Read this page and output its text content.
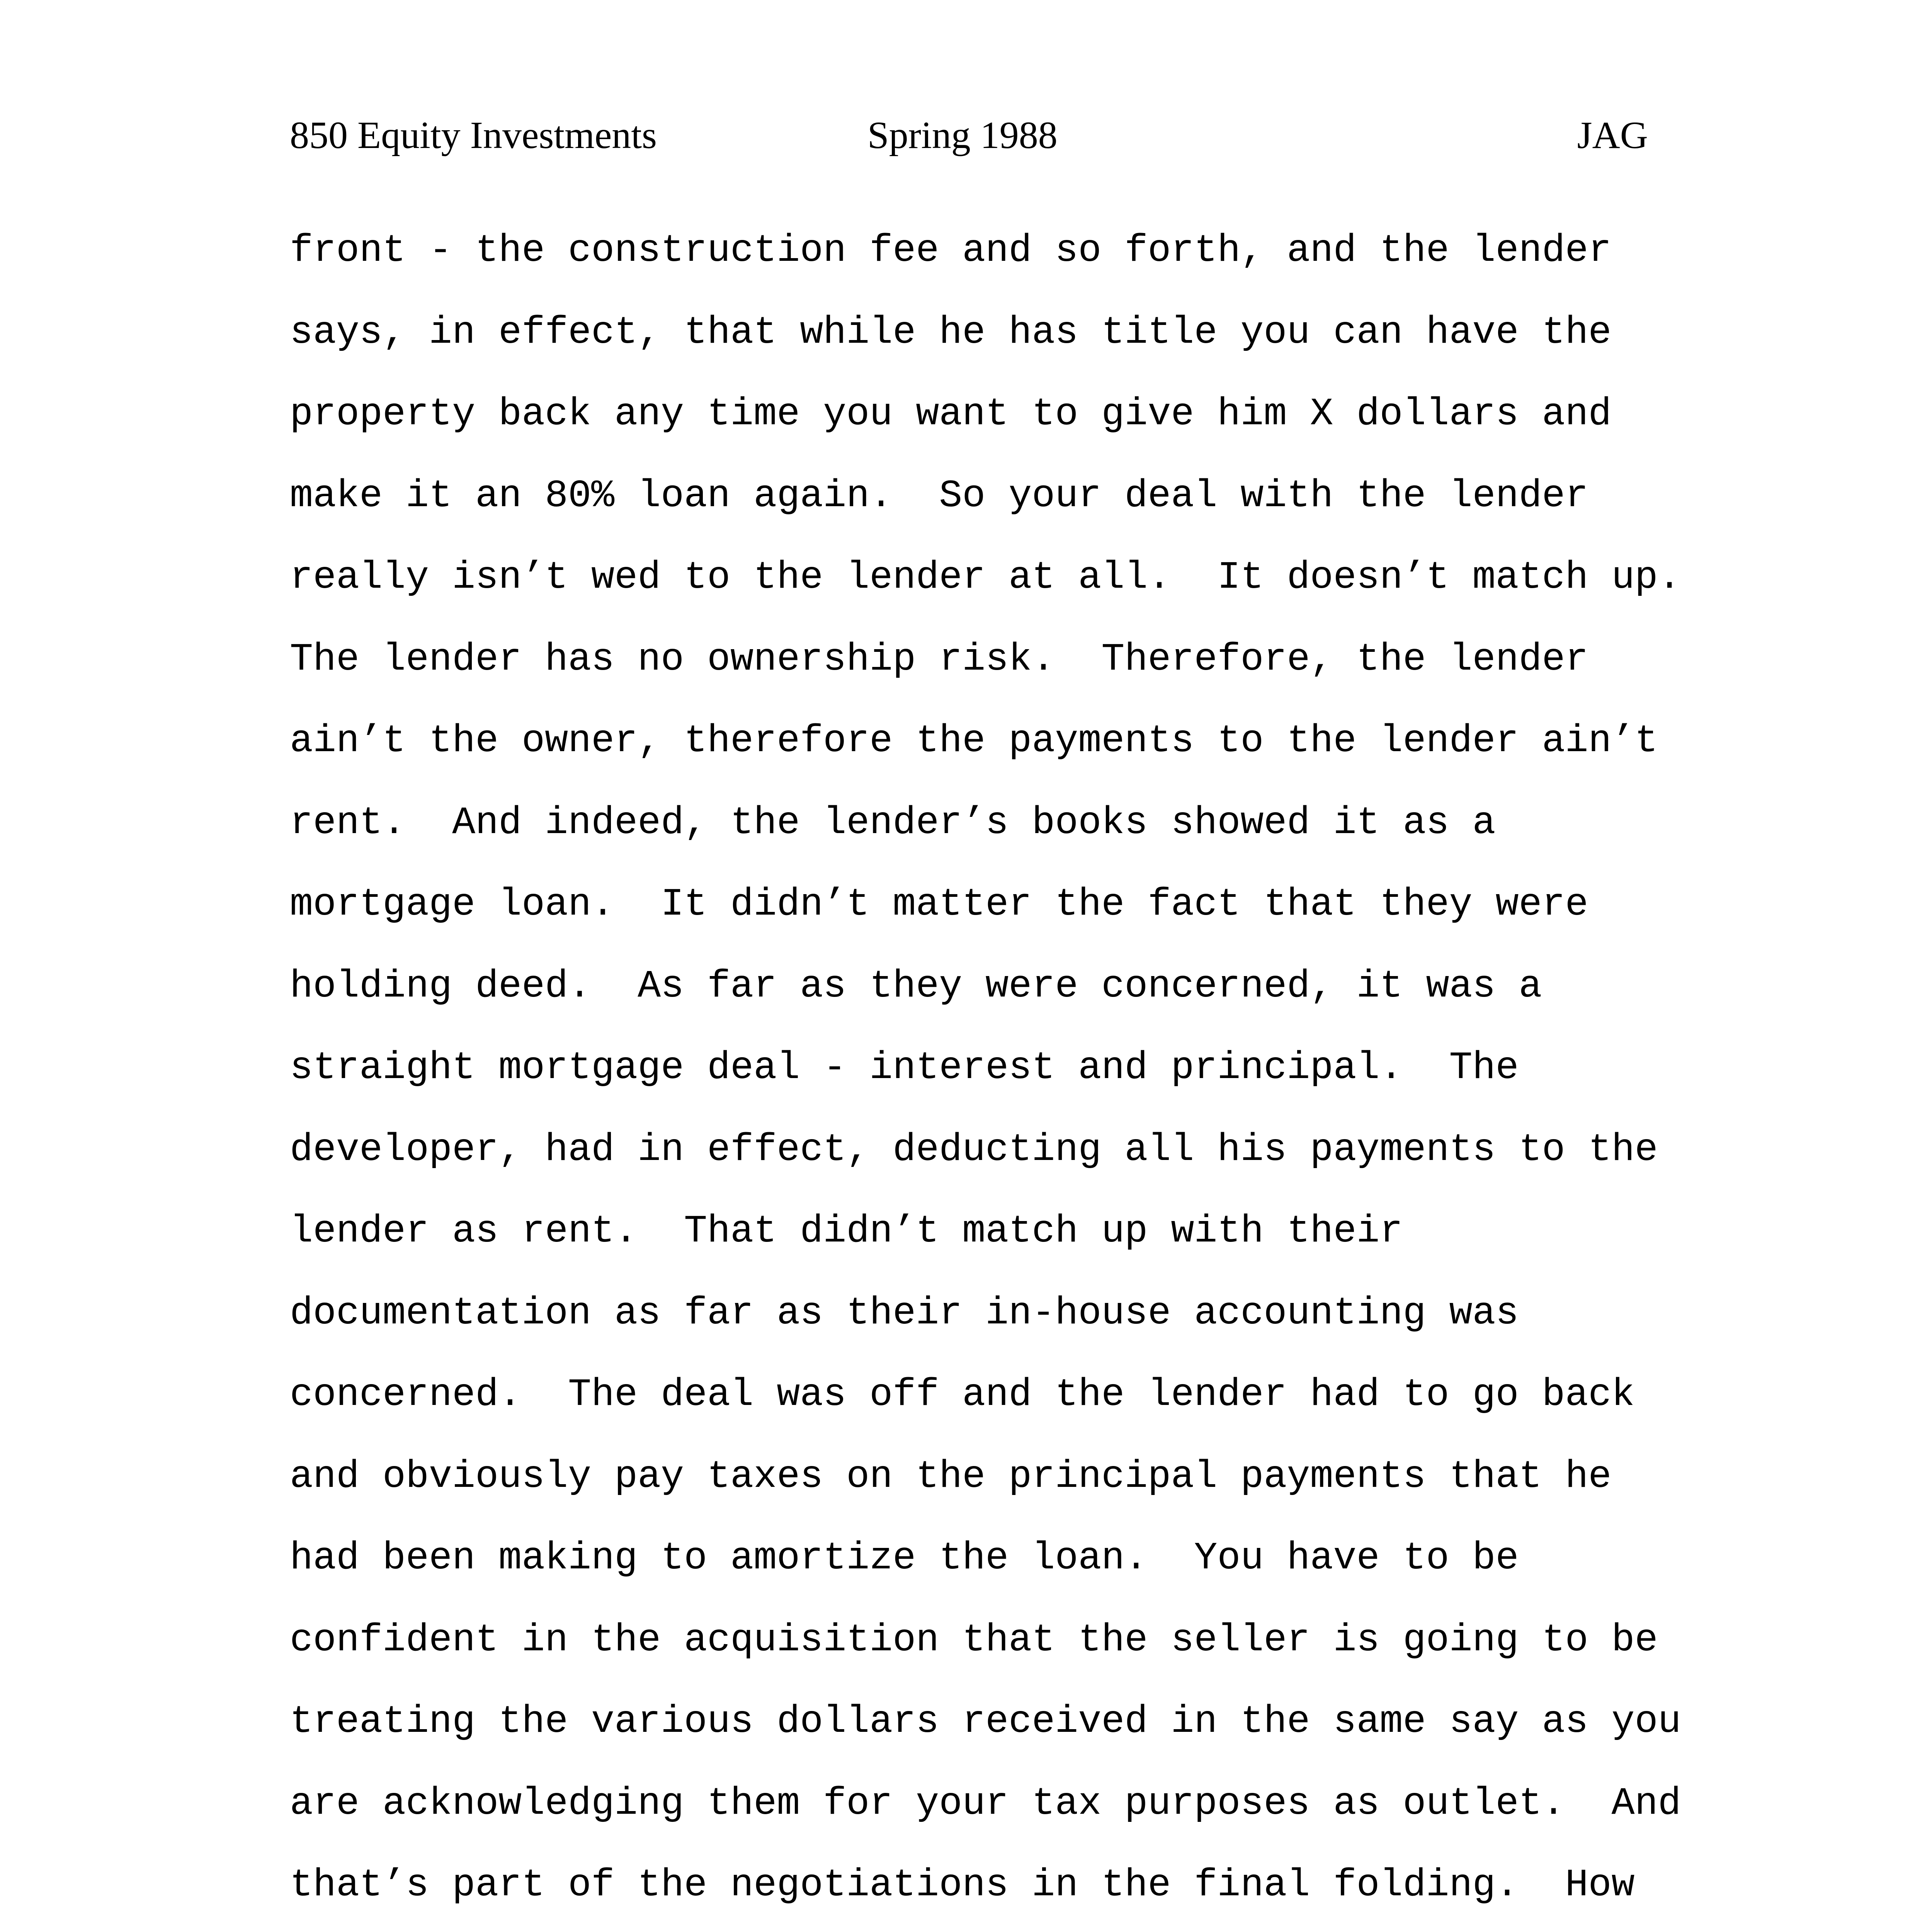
850 Equity Investments	Spring 1988	JAG
front - the construction fee and so forth, and the lender
says, in effect, that while he has title you can have the
property back any time you want to give him X dollars and
make it an 80% loan again.  So your deal with the lender
really isn’t wed to the lender at all.  It doesn’t match up.
The lender has no ownership risk.  Therefore, the lender
ain’t the owner, therefore the payments to the lender ain’t
rent.  And indeed, the lender’s books showed it as a
mortgage loan.  It didn’t matter the fact that they were
holding deed.  As far as they were concerned, it was a
straight mortgage deal - interest and principal.  The
developer, had in effect, deducting all his payments to the
lender as rent.  That didn’t match up with their
documentation as far as their in-house accounting was
concerned.  The deal was off and the lender had to go back
and obviously pay taxes on the principal payments that he
had been making to amortize the loan.  You have to be
confident in the acquisition that the seller is going to be
treating the various dollars received in the same say as you
are acknowledging them for your tax purposes as outlet.  And
that’s part of the negotiations in the final folding.  How
